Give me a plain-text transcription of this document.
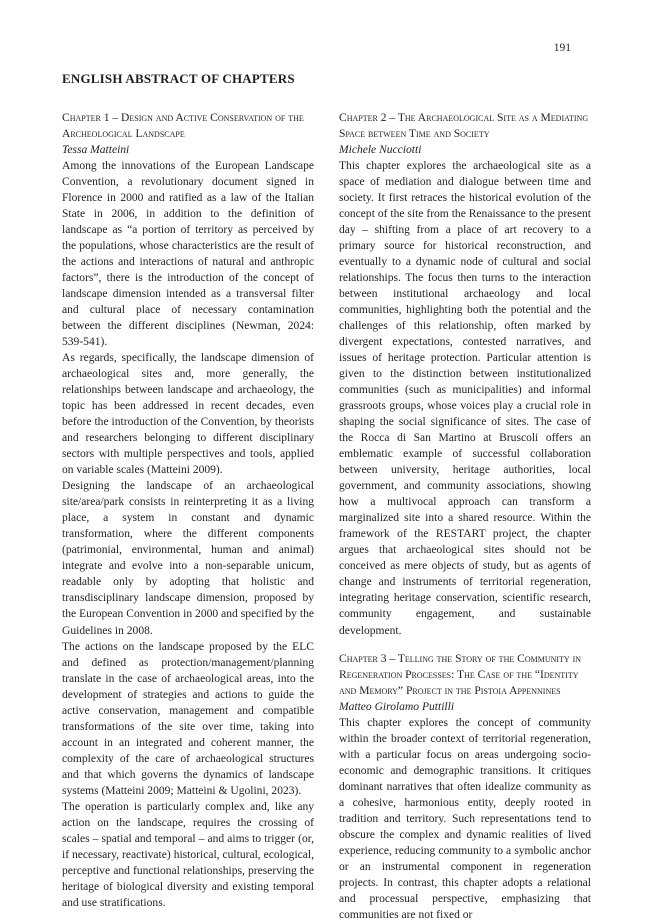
191
ENGLISH ABSTRACT OF CHAPTERS

Chapter 1 – Design and Active Conservation of the Archeological Landscape

Tessa Matteini

Among the innovations of the European Landscape Convention, a revolutionary document signed in Florence in 2000 and ratified as a law of the Italian State in 2006, in addition to the definition of landscape as “a portion of territory as perceived by the populations, whose characteristics are the result of the actions and interactions of natural and anthropic factors”, there is the introduction of the concept of landscape dimension intended as a transversal filter and cultural place of necessary contamination between the different disciplines (Newman, 2024: 539-541).

As regards, specifically, the landscape dimension of archaeological sites and, more generally, the relationships between landscape and archaeology, the topic has been addressed in recent decades, even before the introduction of the Convention, by theorists and researchers belonging to different disciplinary sectors with multiple perspectives and tools, applied on variable scales (Matteini 2009).

Designing the landscape of an archaeological site/area/park consists in reinterpreting it as a living place, a system in constant and dynamic transformation, where the different components (patrimonial, environmental, human and animal) integrate and evolve into a non-separable unicum, readable only by adopting that holistic and transdisciplinary landscape dimension, proposed by the European Convention in 2000 and specified by the Guidelines in 2008.

The actions on the landscape proposed by the ELC and defined as protection/management/planning translate in the case of archaeological areas, into the development of strategies and actions to guide the active conservation, management and compatible transformations of the site over time, taking into account in an integrated and coherent manner, the complexity of the care of archaeological structures and that which governs the dynamics of landscape systems (Matteini 2009; Matteini & Ugolini, 2023).

The operation is particularly complex and, like any action on the landscape, requires the crossing of scales – spatial and temporal – and aims to trigger (or, if necessary, reactivate) historical, cultural, ecological, perceptive and functional relationships, preserving the heritage of biological diversity and existing temporal and use stratifications.

Chapter 2 – The Archaeological Site as a Mediating Space between Time and Society

Michele Nucciotti

This chapter explores the archaeological site as a space of mediation and dialogue between time and society. It first retraces the historical evolution of the concept of the site from the Renaissance to the present day – shifting from a place of art recovery to a primary source for historical reconstruction, and eventually to a dynamic node of cultural and social relationships. The focus then turns to the interaction between institutional archaeology and local communities, highlighting both the potential and the challenges of this relationship, often marked by divergent expectations, contested narratives, and issues of heritage protection. Particular attention is given to the distinction between institutionalized communities (such as municipalities) and informal grassroots groups, whose voices play a crucial role in shaping the social significance of sites. The case of the Rocca di San Martino at Bruscoli offers an emblematic example of successful collaboration between university, heritage authorities, local government, and community associations, showing how a multivocal approach can transform a marginalized site into a shared resource. Within the framework of the RESTART project, the chapter argues that archaeological sites should not be conceived as mere objects of study, but as agents of change and instruments of territorial regeneration, integrating heritage conservation, scientific research, community engagement, and sustainable development.

Chapter 3 – Telling the Story of the Community in Regeneration Processes: The Case of the “Identity and Memory” Project in the Pistoia Appennines

Matteo Girolamo Puttilli

This chapter explores the concept of community within the broader context of territorial regeneration, with a particular focus on areas undergoing socio-economic and demographic transitions. It critiques dominant narratives that often idealize community as a cohesive, harmonious entity, deeply rooted in tradition and territory. Such representations tend to obscure the complex and dynamic realities of lived experience, reducing community to a symbolic anchor or an instrumental component in regeneration projects. In contrast, this chapter adopts a relational and processual perspective, emphasizing that communities are not fixed or
